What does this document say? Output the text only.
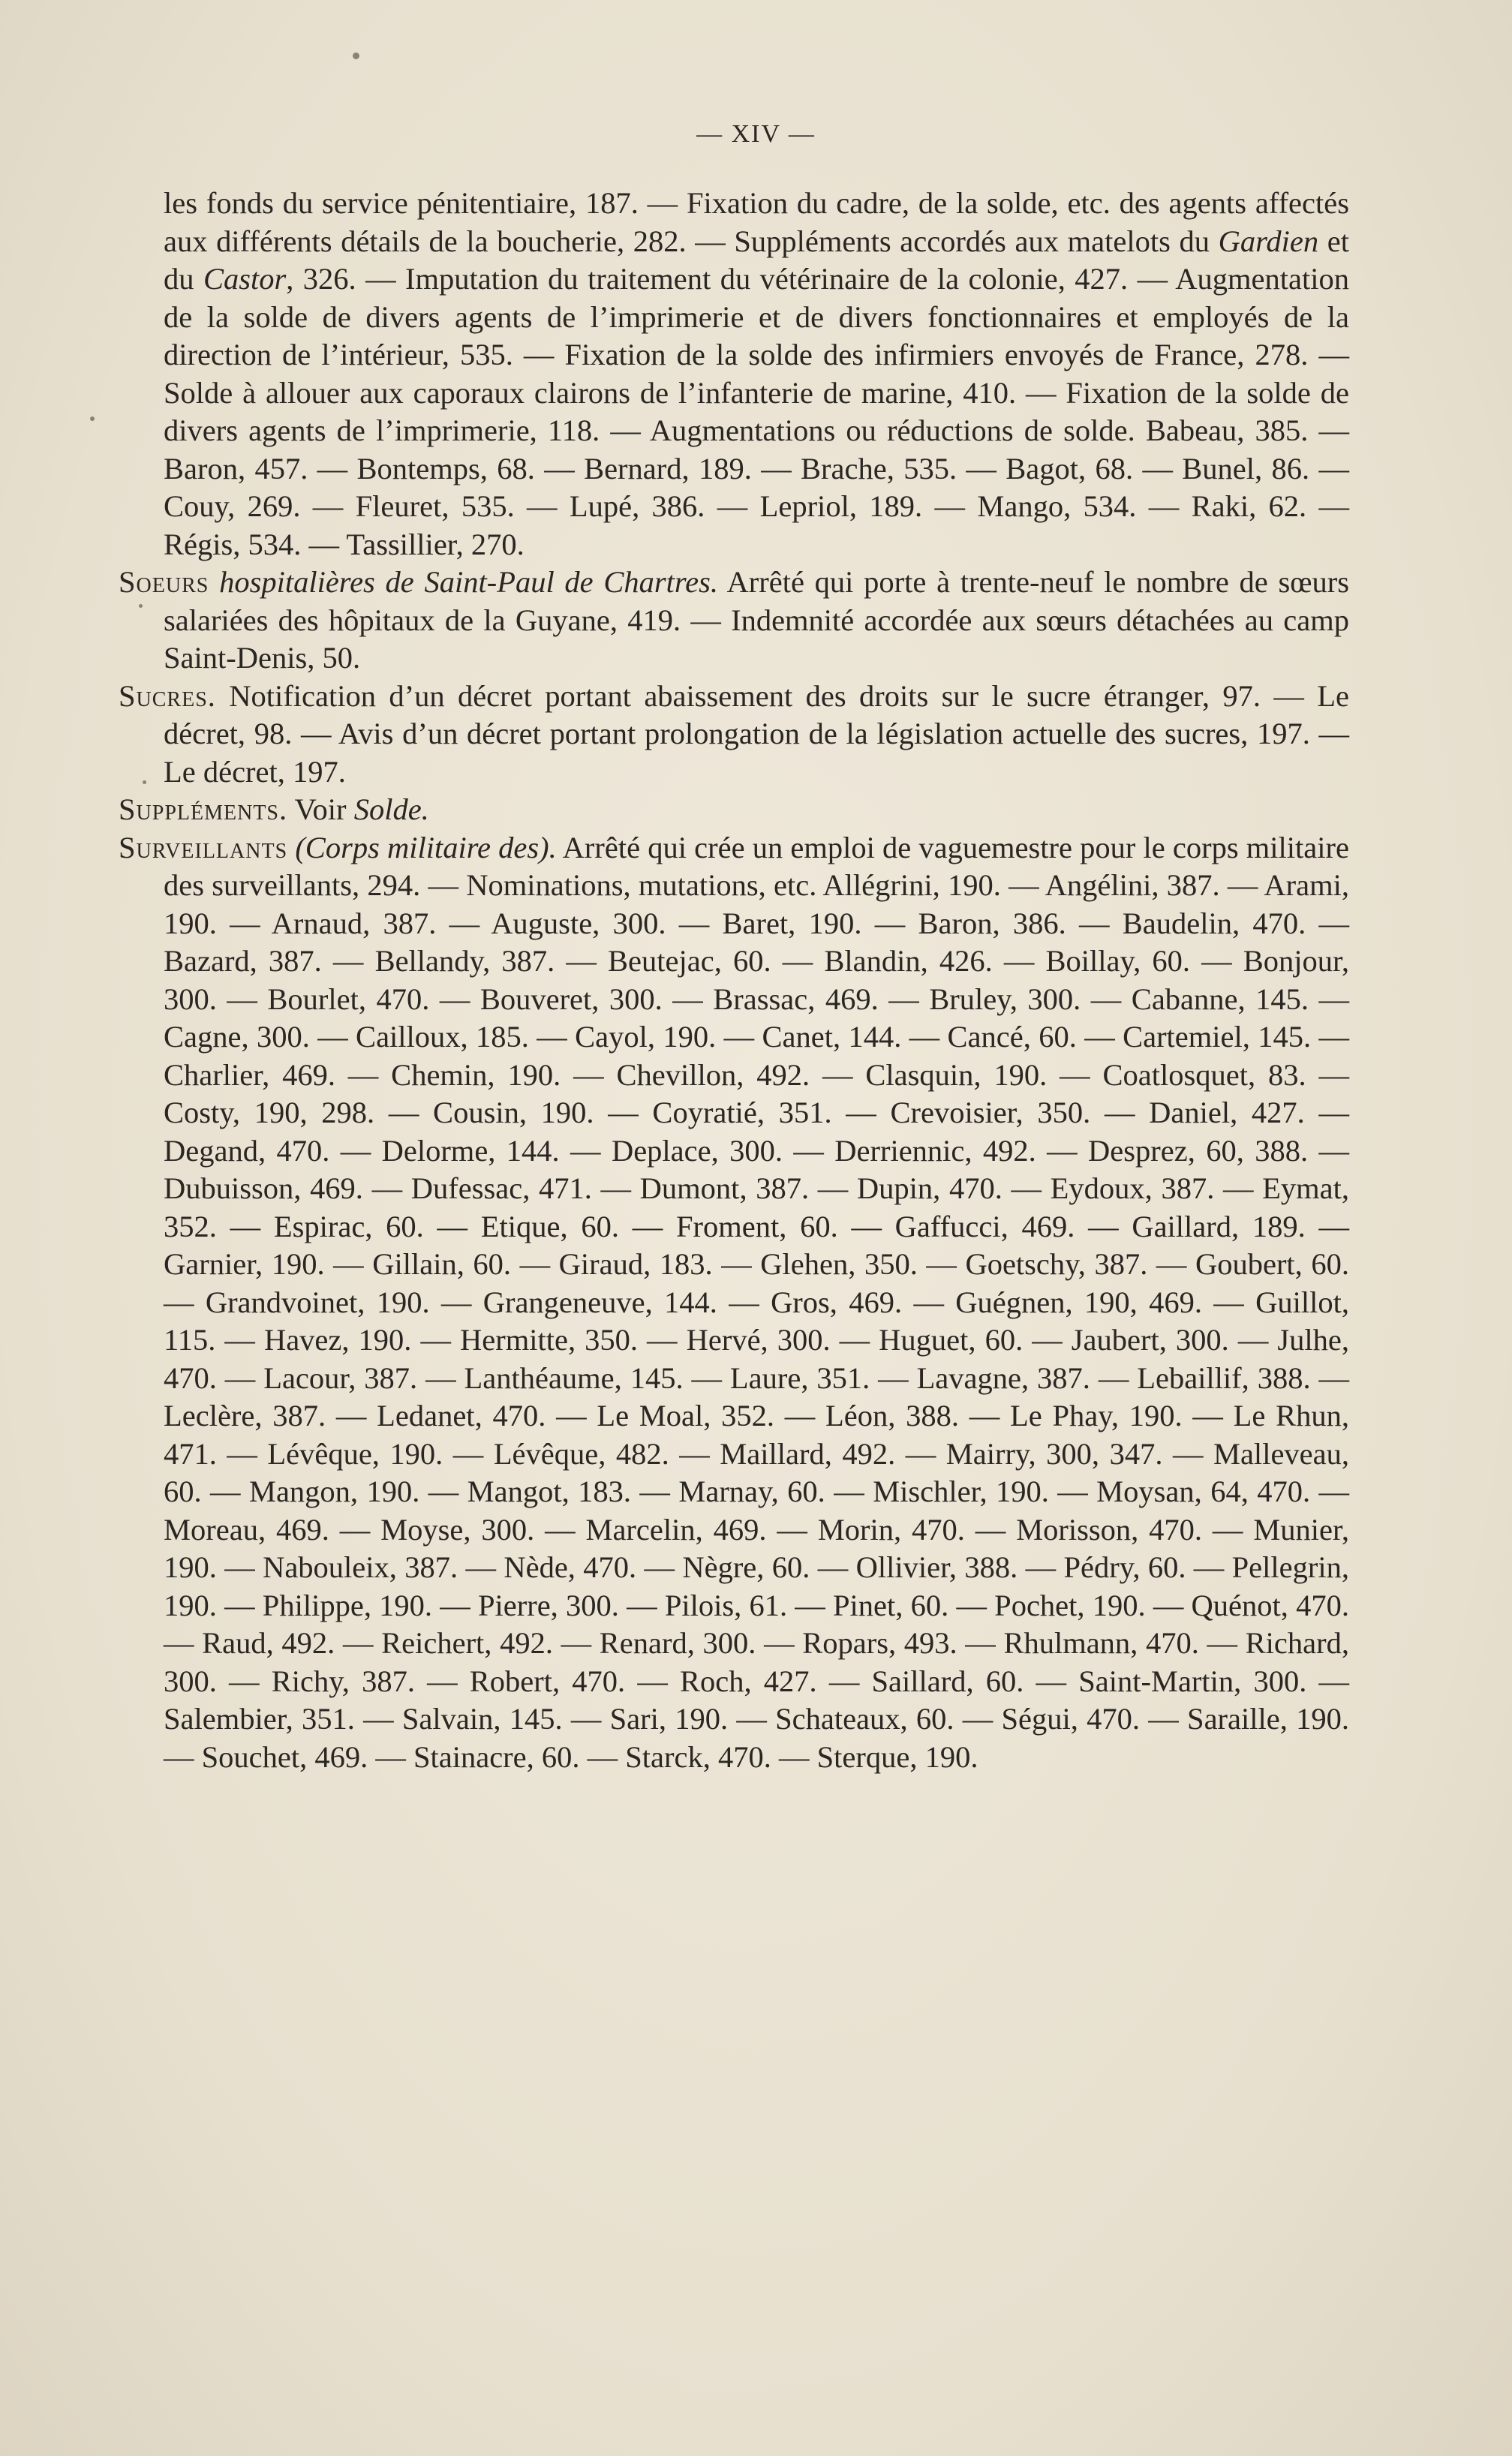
— XIV —

les fonds du service pénitentiaire, 187. — Fixation du cadre, de la solde, etc. des agents affectés aux différents détails de la boucherie, 282. — Suppléments accordés aux matelots du Gardien et du Castor, 326. — Imputation du traitement du vétérinaire de la colonie, 427. — Augmentation de la solde de divers agents de l’imprimerie et de divers fonctionnaires et employés de la direction de l’intérieur, 535. — Fixation de la solde des infirmiers envoyés de France, 278. — Solde à allouer aux caporaux clairons de l’infanterie de marine, 410. — Fixation de la solde de divers agents de l’imprimerie, 118. — Augmentations ou réductions de solde. Babeau, 385. — Baron, 457. — Bontemps, 68. — Bernard, 189. — Brache, 535. — Bagot, 68. — Bunel, 86. — Couy, 269. — Fleuret, 535. — Lupé, 386. — Lepriol, 189. — Mango, 534. — Raki, 62. — Régis, 534. — Tassillier, 270.

Soeurs hospitalières de Saint-Paul de Chartres. Arrêté qui porte à trente-neuf le nombre de sœurs salariées des hôpitaux de la Guyane, 419. — Indemnité accordée aux sœurs détachées au camp Saint-Denis, 50.

Sucres. Notification d’un décret portant abaissement des droits sur le sucre étranger, 97. — Le décret, 98. — Avis d’un décret portant prolongation de la législation actuelle des sucres, 197. — Le décret, 197.

Suppléments. Voir Solde.

Surveillants (Corps militaire des). Arrêté qui crée un emploi de vaguemestre pour le corps militaire des surveillants, 294. — Nominations, mutations, etc. Allégrini, 190. — Angélini, 387. — Arami, 190. — Arnaud, 387. — Auguste, 300. — Baret, 190. — Baron, 386. — Baudelin, 470. — Bazard, 387. — Bellandy, 387. — Beutejac, 60. — Blandin, 426. — Boillay, 60. — Bonjour, 300. — Bourlet, 470. — Bouveret, 300. — Brassac, 469. — Bruley, 300. — Cabanne, 145. — Cagne, 300. — Cailloux, 185. — Cayol, 190. — Canet, 144. — Cancé, 60. — Cartemiel, 145. — Charlier, 469. — Chemin, 190. — Chevillon, 492. — Clasquin, 190. — Coatlosquet, 83. — Costy, 190, 298. — Cousin, 190. — Coyratié, 351. — Crevoisier, 350. — Daniel, 427. — Degand, 470. — Delorme, 144. — Deplace, 300. — Derriennic, 492. — Desprez, 60, 388. — Dubuisson, 469. — Dufessac, 471. — Dumont, 387. — Dupin, 470. — Eydoux, 387. — Eymat, 352. — Espirac, 60. — Etique, 60. — Froment, 60. — Gaffucci, 469. — Gaillard, 189. — Garnier, 190. — Gillain, 60. — Giraud, 183. — Glehen, 350. — Goetschy, 387. — Goubert, 60. — Grandvoinet, 190. — Grangeneuve, 144. — Gros, 469. — Guégnen, 190, 469. — Guillot, 115. — Havez, 190. — Hermitte, 350. — Hervé, 300. — Huguet, 60. — Jaubert, 300. — Julhe, 470. — Lacour, 387. — Lanthéaume, 145. — Laure, 351. — Lavagne, 387. — Lebaillif, 388. — Leclère, 387. — Ledanet, 470. — Le Moal, 352. — Léon, 388. — Le Phay, 190. — Le Rhun, 471. — Lévêque, 190. — Lévêque, 482. — Maillard, 492. — Mairry, 300, 347. — Malleveau, 60. — Mangon, 190. — Mangot, 183. — Marnay, 60. — Mischler, 190. — Moysan, 64, 470. — Moreau, 469. — Moyse, 300. — Marcelin, 469. — Morin, 470. — Morisson, 470. — Munier, 190. — Nabouleix, 387. — Nède, 470. — Nègre, 60. — Ollivier, 388. — Pédry, 60. — Pellegrin, 190. — Philippe, 190. — Pierre, 300. — Pilois, 61. — Pinet, 60. — Pochet, 190. — Quénot, 470. — Raud, 492. — Reichert, 492. — Renard, 300. — Ropars, 493. — Rhulmann, 470. — Richard, 300. — Richy, 387. — Robert, 470. — Roch, 427. — Saillard, 60. — Saint-Martin, 300. — Salembier, 351. — Salvain, 145. — Sari, 190. — Schateaux, 60. — Ségui, 470. — Saraille, 190. — Souchet, 469. — Stainacre, 60. — Starck, 470. — Sterque, 190.
